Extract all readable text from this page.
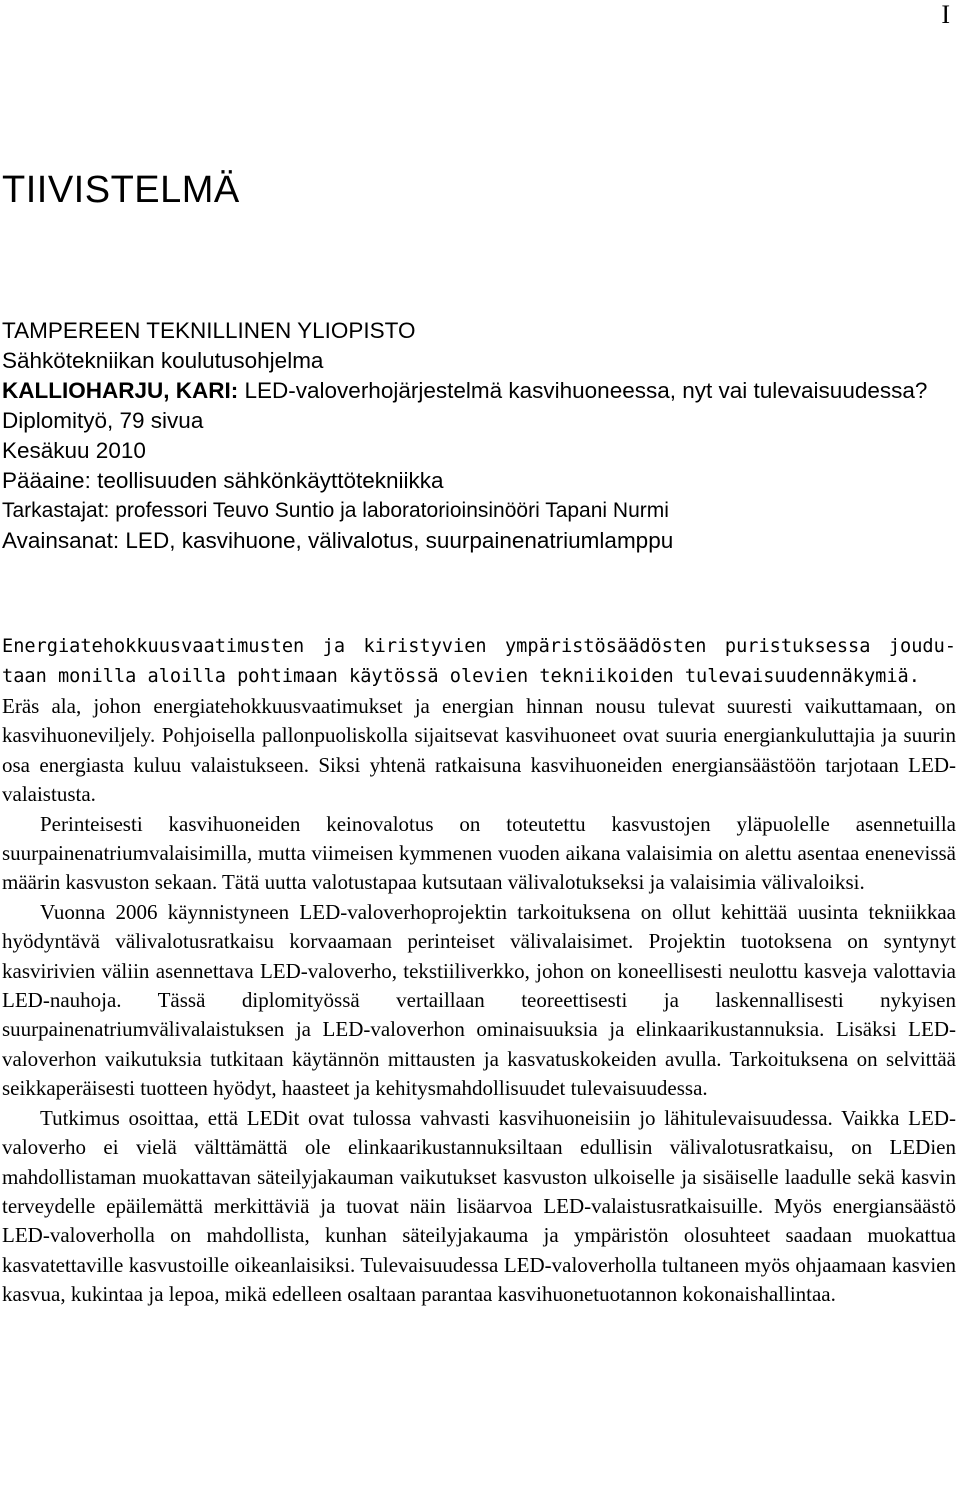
I
TIIVISTELMÄ
TAMPEREEN TEKNILLINEN YLIOPISTO
Sähkötekniikan koulutusohjelma
KALLIOHARJU, KARI: LED-valoverhojärjestelmä kasvihuoneessa, nyt vai tulevaisuudessa?
Diplomityö, 79 sivua
Kesäkuu 2010
Pääaine: teollisuuden sähkönkäyttötekniikka
Tarkastajat: professori Teuvo Suntio ja laboratorioinsinööri Tapani Nurmi
Avainsanat: LED, kasvihuone, välivalotus, suurpainenatriumlamppu
Energiatehokkuusvaatimusten ja kiristyvien ympäristösäädösten puristuksessa joudu-
taan monilla aloilla pohtimaan käytössä olevien tekniikoiden tulevaisuudennäkymiä.

Eräs ala, johon energiatehokkuusvaatimukset ja energian hinnan nousu tulevat suuresti vaikuttamaan, on kasvihuoneviljely. Pohjoisella pallonpuoliskolla sijaitsevat kasvihuoneet ovat suuria energiankuluttajia ja suurin osa energiasta kuluu valaistukseen. Siksi yhtenä ratkaisuna kasvihuoneiden energiansäästöön tarjotaan LED-valaistusta.

Perinteisesti kasvihuoneiden keinovalotus on toteutettu kasvustojen yläpuolelle asennetuilla suurpainenatriumvalaisimilla, mutta viimeisen kymmenen vuoden aikana valaisimia on alettu asentaa enenevissä määrin kasvuston sekaan. Tätä uutta valotustapaa kutsutaan välivalotukseksi ja valaisimia välivaloiksi.

Vuonna 2006 käynnistyneen LED-valoverhoprojektin tarkoituksena on ollut kehittää uusinta tekniikkaa hyödyntävä välivalotusratkaisu korvaamaan perinteiset välivalaisimet. Projektin tuotoksena on syntynyt kasvirivien väliin asennettava LED-valoverho, tekstiiliverkko, johon on koneellisesti neulottu kasveja valottavia LED-nauhoja. Tässä diplomityössä vertaillaan teoreettisesti ja laskennallisesti nykyisen suurpainenatriumvälivalaistuksen ja LED-valoverhon ominaisuuksia ja elinkaarikustannuksia. Lisäksi LED-valoverhon vaikutuksia tutkitaan käytännön mittausten ja kasvatuskokeiden avulla. Tarkoituksena on selvittää seikkaperäisesti tuotteen hyödyt, haasteet ja kehitysmahdollisuudet tulevaisuudessa.

Tutkimus osoittaa, että LEDit ovat tulossa vahvasti kasvihuoneisiin jo lähitulevaisuudessa. Vaikka LED-valoverho ei vielä välttämättä ole elinkaarikustannuksiltaan edullisin välivalotusratkaisu, on LEDien mahdollistaman muokattavan säteilyjakauman vaikutukset kasvuston ulkoiselle ja sisäiselle laadulle sekä kasvin terveydelle epäilemättä merkittäviä ja tuovat näin lisäarvoa LED-valaistusratkaisuille. Myös energiansäästö LED-valoverholla on mahdollista, kunhan säteilyjakauma ja ympäristön olosuhteet saadaan muokattua kasvatettaville kasvustoille oikeanlaisiksi. Tulevaisuudessa LED-valoverholla tultaneen myös ohjaamaan kasvien kasvua, kukintaa ja lepoa, mikä edelleen osaltaan parantaa kasvihuonetuotannon kokonaishallintaa.
